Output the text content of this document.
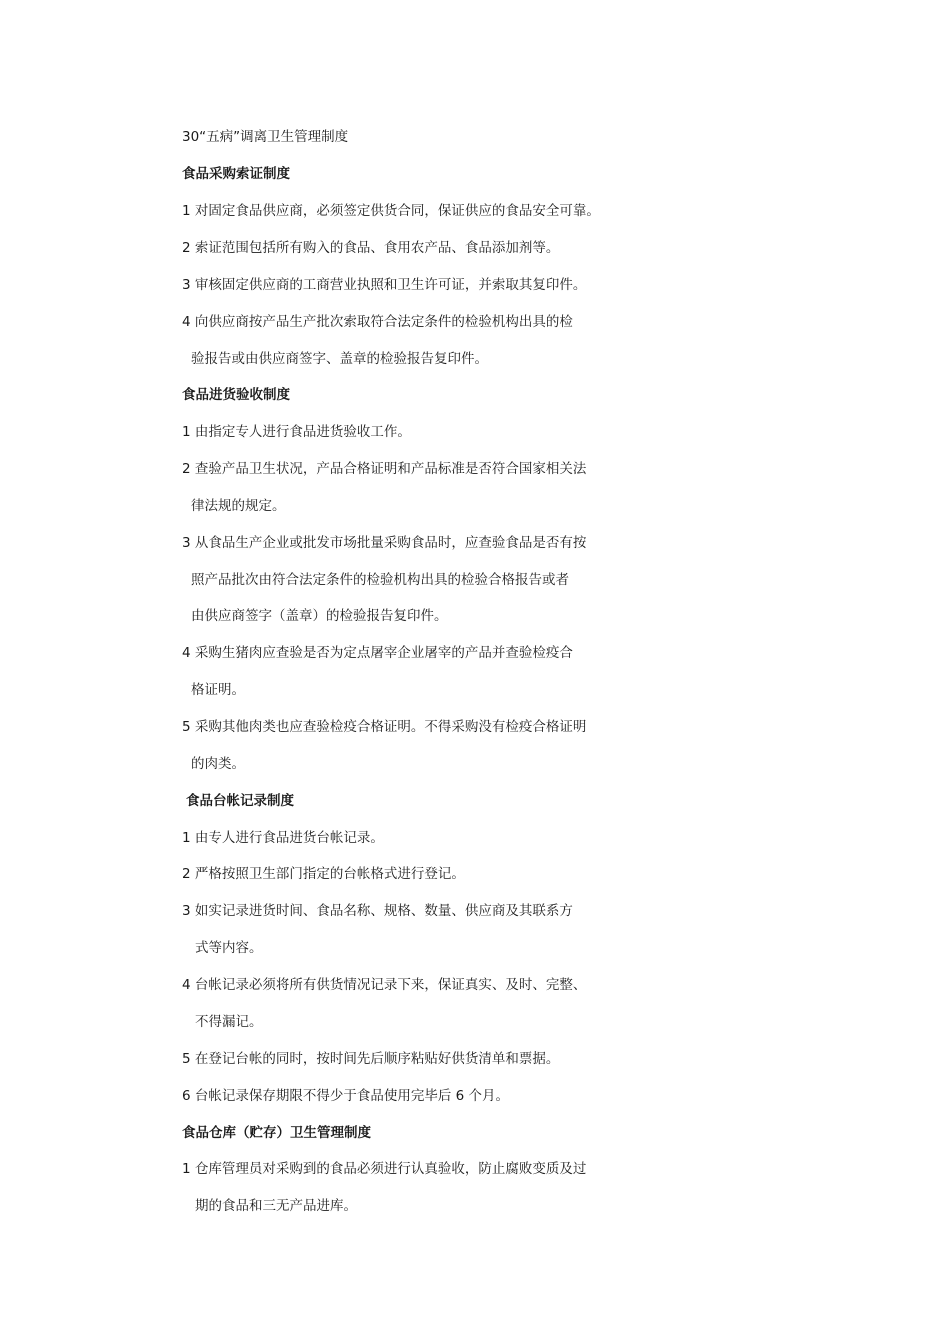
30“五病”调离卫生管理制度
食品采购索证制度
1 对固定食品供应商，必须签定供货合同，保证供应的食品安全可靠。
2 索证范围包括所有购入的食品、食用农产品、食品添加剂等。
3 审核固定供应商的工商营业执照和卫生许可证，并索取其复印件。
4 向供应商按产品生产批次索取符合法定条件的检验机构出具的检
验报告或由供应商签字、盖章的检验报告复印件。
食品进货验收制度
1 由指定专人进行食品进货验收工作。
2 查验产品卫生状况，产品合格证明和产品标准是否符合国家相关法
律法规的规定。
3 从食品生产企业或批发市场批量采购食品时，应查验食品是否有按
照产品批次由符合法定条件的检验机构出具的检验合格报告或者
由供应商签字（盖章）的检验报告复印件。
4 采购生猪肉应查验是否为定点屠宰企业屠宰的产品并查验检疫合
格证明。
5 采购其他肉类也应查验检疫合格证明。不得采购没有检疫合格证明
的肉类。
食品台帐记录制度
1 由专人进行食品进货台帐记录。
2 严格按照卫生部门指定的台帐格式进行登记。
3 如实记录进货时间、食品名称、规格、数量、供应商及其联系方
式等内容。
4 台帐记录必须将所有供货情况记录下来，保证真实、及时、完整、
不得漏记。
5 在登记台帐的同时，按时间先后顺序粘贴好供货清单和票据。
6 台帐记录保存期限不得少于食品使用完毕后 6 个月。
食品仓库（贮存）卫生管理制度
1 仓库管理员对采购到的食品必须进行认真验收，防止腐败变质及过
期的食品和三无产品进库。
